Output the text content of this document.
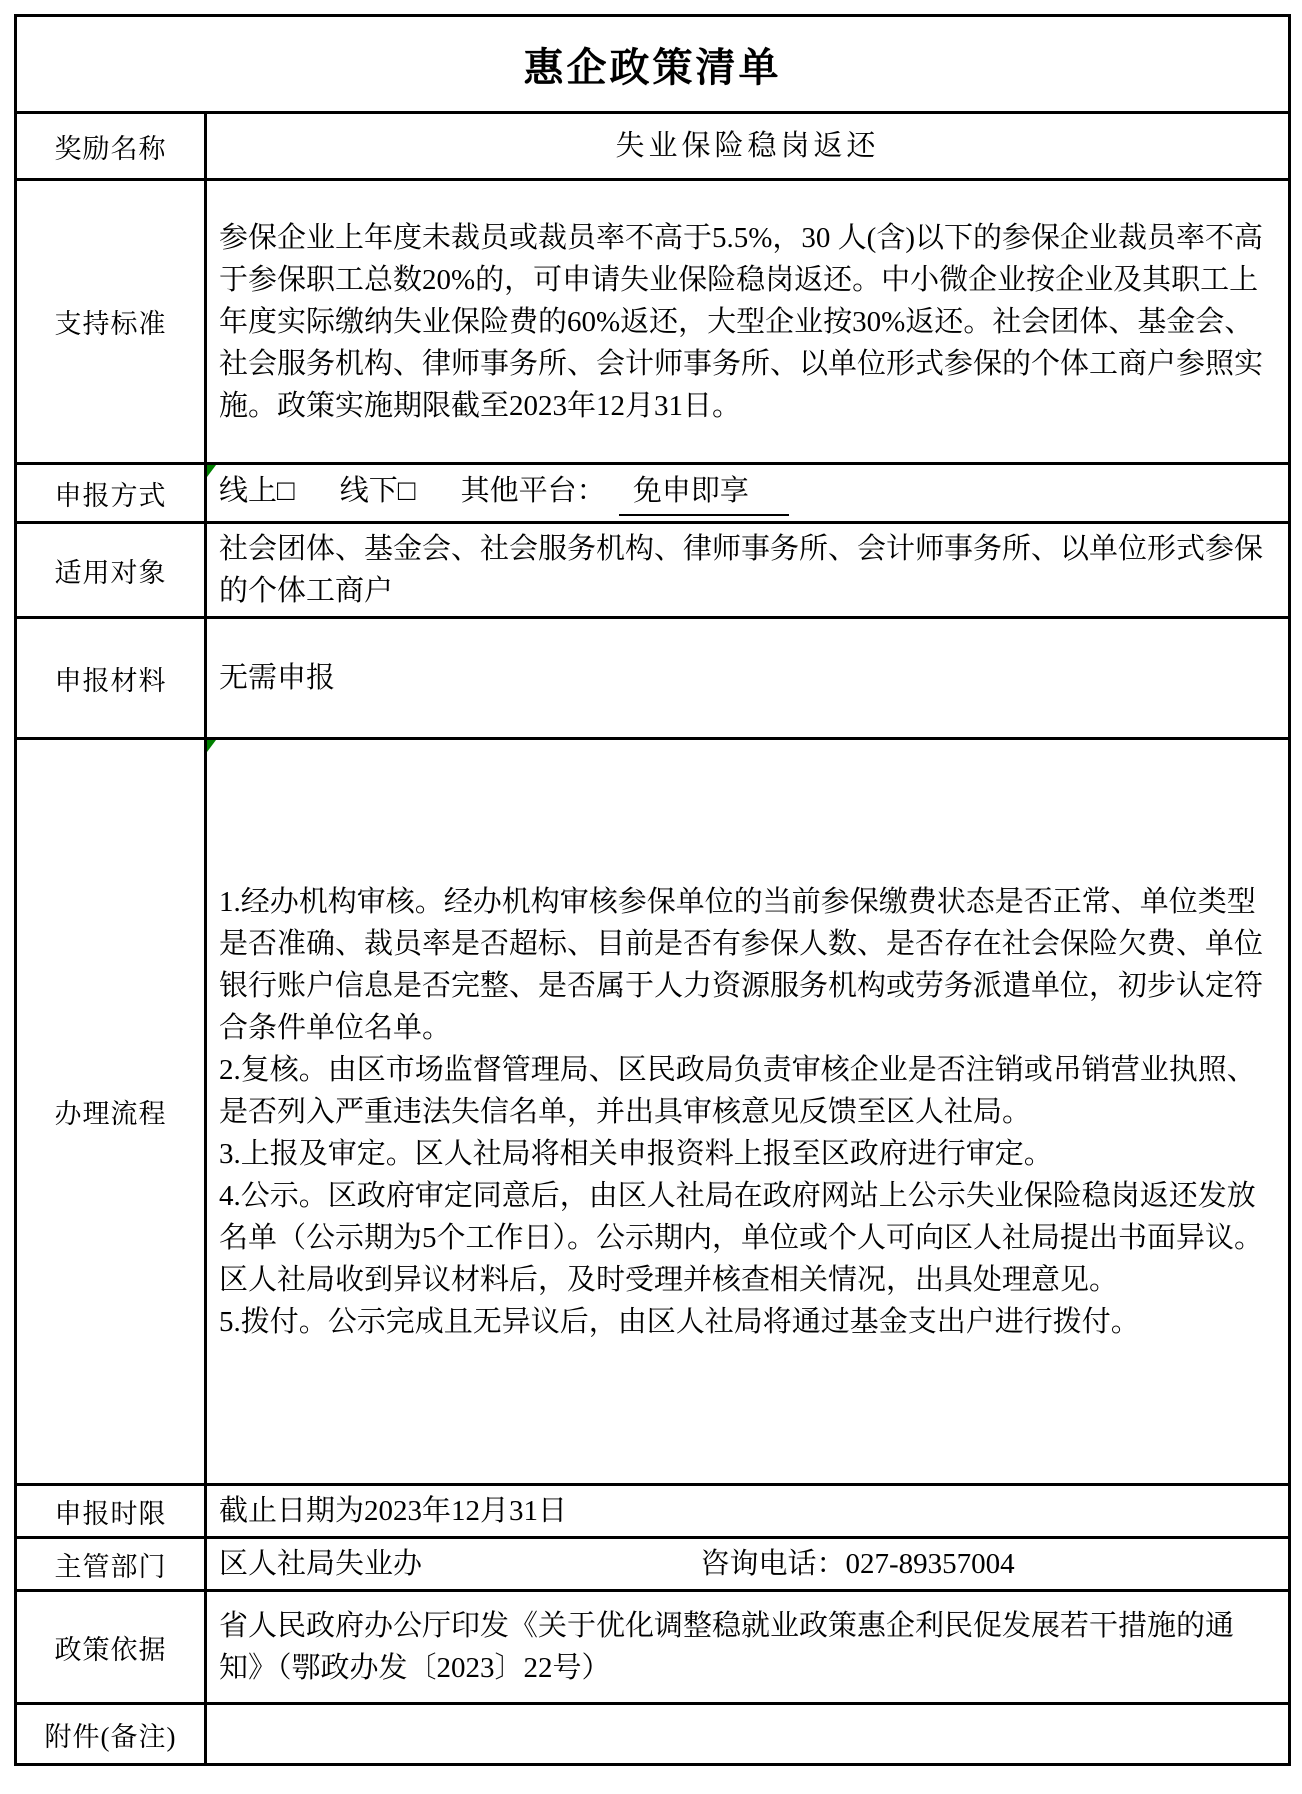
惠企政策清单	
奖励名称	失业保险稳岗返还
支持标准	参保企业上年度未裁员或裁员率不高于5.5%，30 人(含)以下的参保企业裁员率不高于参保职工总数20%的，可申请失业保险稳岗返还。中小微企业按企业及其职工上年度实际缴纳失业保险费的60%返还，大型企业按30%返还。社会团体、基金会、社会服务机构、律师事务所、会计师事务所、以单位形式参保的个体工商户参照实施。政策实施期限截至2023年12月31日。
申报方式	线上□ 线下□ 其他平台： 免申即享
适用对象	社会团体、基金会、社会服务机构、律师事务所、会计师事务所、以单位形式参保的个体工商户
申报材料	无需申报
办理流程	1.经办机构审核。经办机构审核参保单位的当前参保缴费状态是否正常、单位类型是否准确、裁员率是否超标、目前是否有参保人数、是否存在社会保险欠费、单位银行账户信息是否完整、是否属于人力资源服务机构或劳务派遣单位，初步认定符合条件单位名单。

2.复核。由区市场监督管理局、区民政局负责审核企业是否注销或吊销营业执照、是否列入严重违法失信名单，并出具审核意见反馈至区人社局。

3.上报及审定。区人社局将相关申报资料上报至区政府进行审定。

4.公示。区政府审定同意后，由区人社局在政府网站上公示失业保险稳岗返还发放名单（公示期为5个工作日）。公示期内，单位或个人可向区人社局提出书面异议。区人社局收到异议材料后，及时受理并核查相关情况，出具处理意见。

5.拨付。公示完成且无异议后，由区人社局将通过基金支出户进行拨付。

申报时限	截止日期为2023年12月31日
主管部门	区人社局失业办 咨询电话：027-89357004
政策依据	省人民政府办公厅印发《关于优化调整稳就业政策惠企利民促发展若干措施的通知》（鄂政办发〔2023〕22号）
附件(备注)	
